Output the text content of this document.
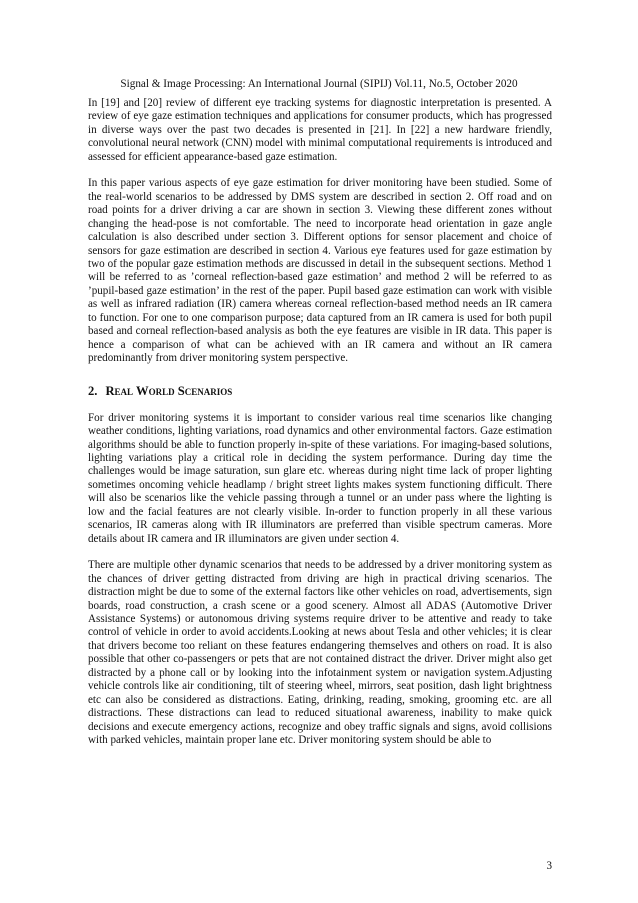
Signal & Image Processing: An International Journal (SIPIJ) Vol.11, No.5, October 2020

In [19] and [20] review of different eye tracking systems for diagnostic interpretation is presented. A review of eye gaze estimation techniques and applications for consumer products, which has progressed in diverse ways over the past two decades is presented in [21]. In [22] a new hardware friendly, convolutional neural network (CNN) model with minimal computational requirements is introduced and assessed for efficient appearance-based gaze estimation.

In this paper various aspects of eye gaze estimation for driver monitoring have been studied. Some of the real-world scenarios to be addressed by DMS system are described in section 2. Off road and on road points for a driver driving a car are shown in section 3. Viewing these different zones without changing the head-pose is not comfortable. The need to incorporate head orientation in gaze angle calculation is also described under section 3. Different options for sensor placement and choice of sensors for gaze estimation are described in section 4. Various eye features used for gaze estimation by two of the popular gaze estimation methods are discussed in detail in the subsequent sections. Method 1 will be referred to as ’corneal reflection-based gaze estimation’ and method 2 will be referred to as ’pupil-based gaze estimation’ in the rest of the paper. Pupil based gaze estimation can work with visible as well as infrared radiation (IR) camera whereas corneal reflection-based method needs an IR camera to function. For one to one comparison purpose; data captured from an IR camera is used for both pupil based and corneal reflection-based analysis as both the eye features are visible in IR data. This paper is hence a comparison of what can be achieved with an IR camera and without an IR camera predominantly from driver monitoring system perspective.

2. Real World Scenarios

For driver monitoring systems it is important to consider various real time scenarios like changing weather conditions, lighting variations, road dynamics and other environmental factors. Gaze estimation algorithms should be able to function properly in-spite of these variations. For imaging-based solutions, lighting variations play a critical role in deciding the system performance. During day time the challenges would be image saturation, sun glare etc. whereas during night time lack of proper lighting sometimes oncoming vehicle headlamp / bright street lights makes system functioning difficult. There will also be scenarios like the vehicle passing through a tunnel or an under pass where the lighting is low and the facial features are not clearly visible. In-order to function properly in all these various scenarios, IR cameras along with IR illuminators are preferred than visible spectrum cameras. More details about IR camera and IR illuminators are given under section 4.

There are multiple other dynamic scenarios that needs to be addressed by a driver monitoring system as the chances of driver getting distracted from driving are high in practical driving scenarios. The distraction might be due to some of the external factors like other vehicles on road, advertisements, sign boards, road construction, a crash scene or a good scenery. Almost all ADAS (Automotive Driver Assistance Systems) or autonomous driving systems require driver to be attentive and ready to take control of vehicle in order to avoid accidents.Looking at news about Tesla and other vehicles; it is clear that drivers become too reliant on these features endangering themselves and others on road. It is also possible that other co-passengers or pets that are not contained distract the driver. Driver might also get distracted by a phone call or by looking into the infotainment system or navigation system.Adjusting vehicle controls like air conditioning, tilt of steering wheel, mirrors, seat position, dash light brightness etc can also be considered as distractions. Eating, drinking, reading, smoking, grooming etc. are all distractions. These distractions can lead to reduced situational awareness, inability to make quick decisions and execute emergency actions, recognize and obey traffic signals and signs, avoid collisions with parked vehicles, maintain proper lane etc. Driver monitoring system should be able to

3
